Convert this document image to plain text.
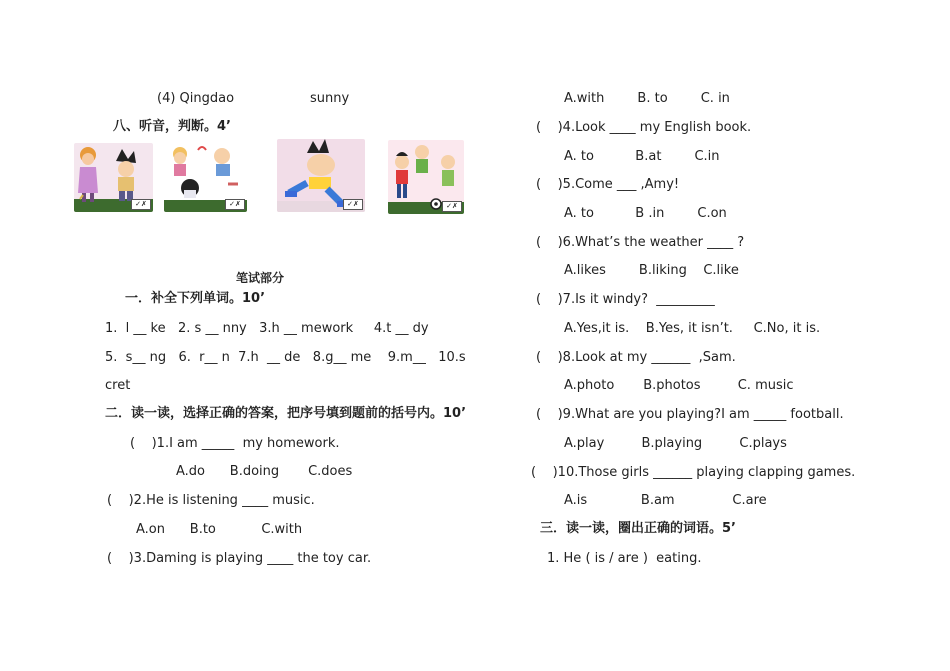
(4) Qingdao	sunny
八、听音，判断。4’
✓✗	✓✗	✓✗	✓✗
笔试部分
一．补全下列单词。10’
1.  l __ ke   2. s __ nny   3.h __ mework     4.t __ dy
5.  s__ ng   6.  r__ n  7.h  __ de   8.g__ me    9.m__   10.s
cret
二．读一读，选择正确的答案，把序号填到题前的括号内。10’
(    )1.I am _____  my homework.
A.do      B.doing       C.does
(    )2.He is listening ____ music.
A.on      B.to           C.with
(    )3.Daming is playing ____ the toy car.
A.with        B. to        C. in
(    )4.Look ____ my English book.
A. to          B.at        C.in
(    )5.Come ___ ,Amy!
A. to          B .in        C.on
(    )6.What’s the weather ____ ?
A.likes        B.liking    C.like
(    )7.Is it windy?  _________
A.Yes,it is.    B.Yes, it isn’t.     C.No, it is.
(    )8.Look at my ______  ,Sam.
A.photo       B.photos         C. music
(    )9.What are you playing?I am _____ football.
A.play         B.playing         C.plays
(    )10.Those girls ______ playing clapping games.
A.is             B.am              C.are
三．读一读，圈出正确的词语。5’
1. He ( is / are )  eating.
